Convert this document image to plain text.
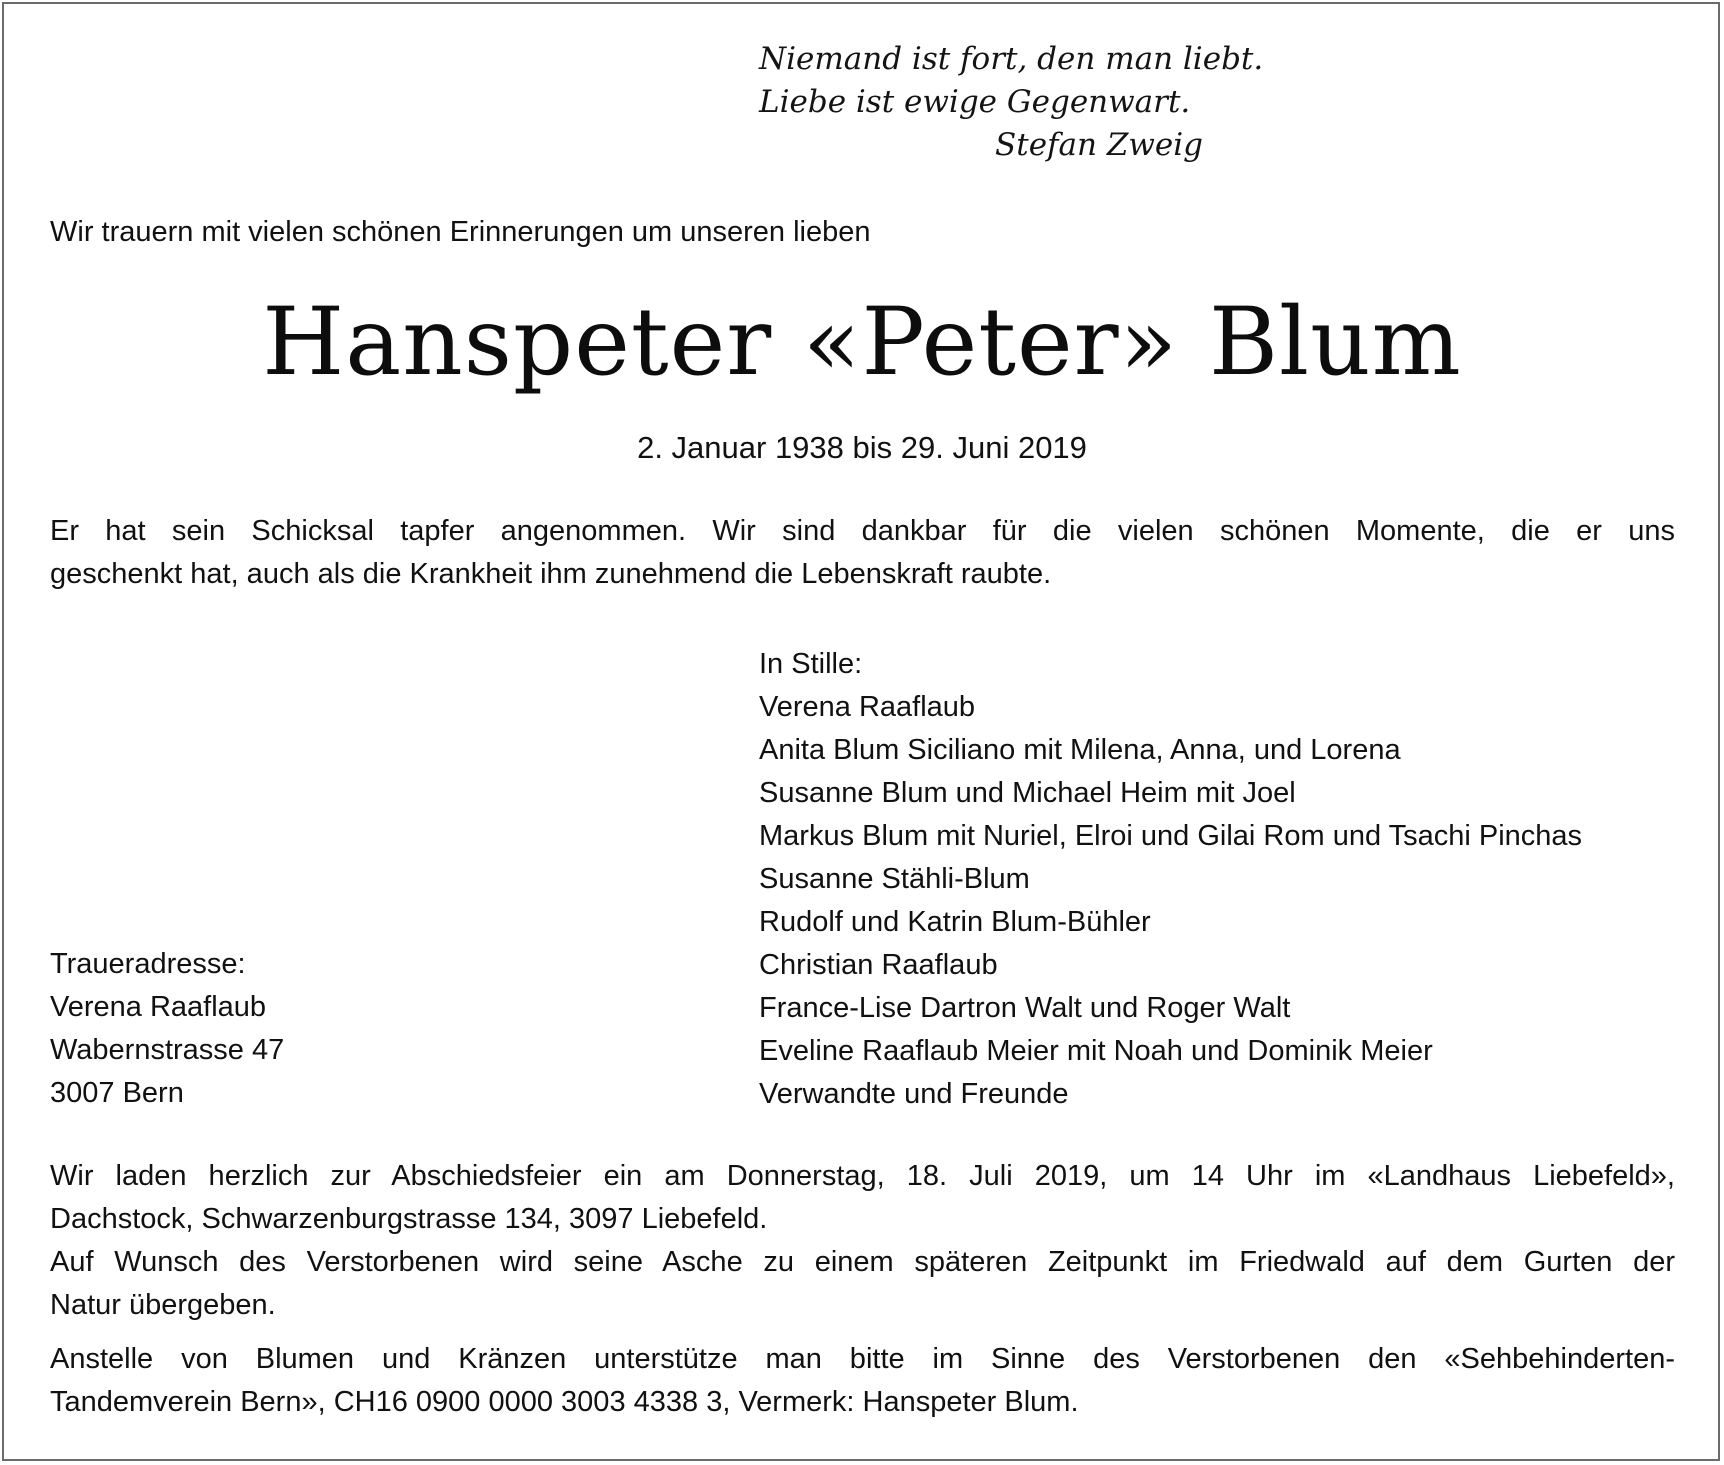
Niemand ist fort, den man liebt.
Liebe ist ewige Gegenwart.
Stefan Zweig
Wir trauern mit vielen schönen Erinnerungen um unseren lieben
Hanspeter «Peter» Blum
2. Januar 1938 bis 29. Juni 2019
Er hat sein Schicksal tapfer angenommen. Wir sind dankbar für die vielen schönen Momente, die er uns
geschenkt hat, auch als die Krankheit ihm zunehmend die Lebenskraft raubte.
In Stille:
Verena Raaflaub
Anita Blum Siciliano mit Milena, Anna, und Lorena
Susanne Blum und Michael Heim mit Joel
Markus Blum mit Nuriel, Elroi und Gilai Rom und Tsachi Pinchas
Susanne Stähli-Blum
Rudolf und Katrin Blum-Bühler
Christian Raaflaub
France-Lise Dartron Walt und Roger Walt
Eveline Raaflaub Meier mit Noah und Dominik Meier
Verwandte und Freunde
Traueradresse:
Verena Raaflaub
Wabernstrasse 47
3007 Bern
Wir laden herzlich zur Abschiedsfeier ein am Donnerstag, 18. Juli 2019, um 14 Uhr im «Landhaus Liebefeld»,
Dachstock, Schwarzenburgstrasse 134, 3097 Liebefeld.
Auf Wunsch des Verstorbenen wird seine Asche zu einem späteren Zeitpunkt im Friedwald auf dem Gurten der
Natur übergeben.
Anstelle von Blumen und Kränzen unterstütze man bitte im Sinne des Verstorbenen den «Sehbehinderten-
Tandemverein Bern», CH16 0900 0000 3003 4338 3, Vermerk: Hanspeter Blum.
